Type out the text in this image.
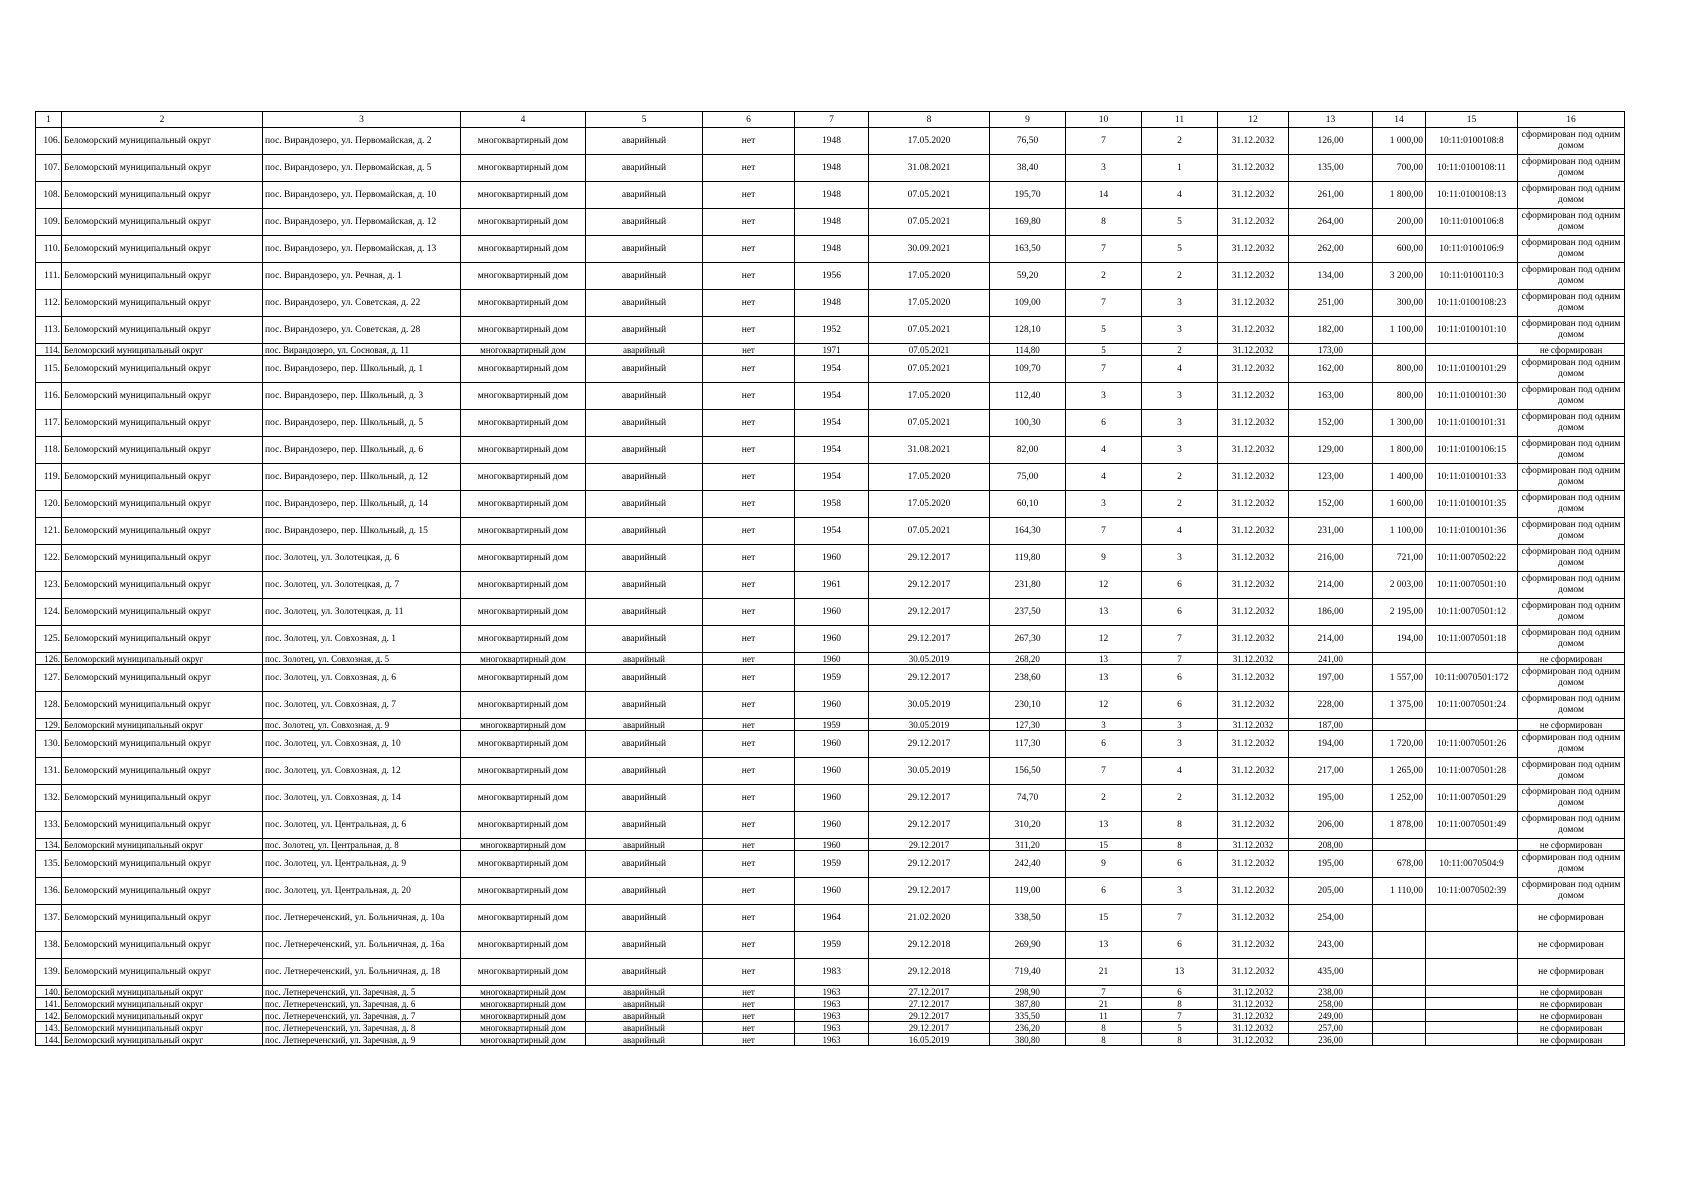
1	2	3	4	5	6	7	8	9	10	11	12	13	14	15	16
106.	Беломорский муниципальный округ	пос. Вирандозеро, ул. Первомайская, д. 2	многоквартирный дом	аварийный	нет	1948	17.05.2020	76,50	7	2	31.12.2032	126,00	1 000,00	10:11:0100108:8	сформирован под одним домом
107.	Беломорский муниципальный округ	пос. Вирандозеро, ул. Первомайская, д. 5	многоквартирный дом	аварийный	нет	1948	31.08.2021	38,40	3	1	31.12.2032	135,00	700,00	10:11:0100108:11	сформирован под одним домом
108.	Беломорский муниципальный округ	пос. Вирандозеро, ул. Первомайская, д. 10	многоквартирный дом	аварийный	нет	1948	07.05.2021	195,70	14	4	31.12.2032	261,00	1 800,00	10:11:0100108:13	сформирован под одним домом
109.	Беломорский муниципальный округ	пос. Вирандозеро, ул. Первомайская, д. 12	многоквартирный дом	аварийный	нет	1948	07.05.2021	169,80	8	5	31.12.2032	264,00	200,00	10:11:0100106:8	сформирован под одним домом
110.	Беломорский муниципальный округ	пос. Вирандозеро, ул. Первомайская, д. 13	многоквартирный дом	аварийный	нет	1948	30.09.2021	163,50	7	5	31.12.2032	262,00	600,00	10:11:0100106:9	сформирован под одним домом
111.	Беломорский муниципальный округ	пос. Вирандозеро, ул. Речная, д. 1	многоквартирный дом	аварийный	нет	1956	17.05.2020	59,20	2	2	31.12.2032	134,00	3 200,00	10:11:0100110:3	сформирован под одним домом
112.	Беломорский муниципальный округ	пос. Вирандозеро, ул. Советская, д. 22	многоквартирный дом	аварийный	нет	1948	17.05.2020	109,00	7	3	31.12.2032	251,00	300,00	10:11:0100108:23	сформирован под одним домом
113.	Беломорский муниципальный округ	пос. Вирандозеро, ул. Советская, д. 28	многоквартирный дом	аварийный	нет	1952	07.05.2021	128,10	5	3	31.12.2032	182,00	1 100,00	10:11:0100101:10	сформирован под одним домом
114.	Беломорский муниципальный округ	пос. Вирандозеро, ул. Сосновая, д. 11	многоквартирный дом	аварийный	нет	1971	07.05.2021	114,80	5	2	31.12.2032	173,00			не сформирован
115.	Беломорский муниципальный округ	пос. Вирандозеро, пер. Школьный, д. 1	многоквартирный дом	аварийный	нет	1954	07.05.2021	109,70	7	4	31.12.2032	162,00	800,00	10:11:0100101:29	сформирован под одним домом
116.	Беломорский муниципальный округ	пос. Вирандозеро, пер. Школьный, д. 3	многоквартирный дом	аварийный	нет	1954	17.05.2020	112,40	3	3	31.12.2032	163,00	800,00	10:11:0100101:30	сформирован под одним домом
117.	Беломорский муниципальный округ	пос. Вирандозеро, пер. Школьный, д. 5	многоквартирный дом	аварийный	нет	1954	07.05.2021	100,30	6	3	31.12.2032	152,00	1 300,00	10:11:0100101:31	сформирован под одним домом
118.	Беломорский муниципальный округ	пос. Вирандозеро, пер. Школьный, д. 6	многоквартирный дом	аварийный	нет	1954	31.08.2021	82,00	4	3	31.12.2032	129,00	1 800,00	10:11:0100106:15	сформирован под одним домом
119.	Беломорский муниципальный округ	пос. Вирандозеро, пер. Школьный, д. 12	многоквартирный дом	аварийный	нет	1954	17.05.2020	75,00	4	2	31.12.2032	123,00	1 400,00	10:11:0100101:33	сформирован под одним домом
120.	Беломорский муниципальный округ	пос. Вирандозеро, пер. Школьный, д. 14	многоквартирный дом	аварийный	нет	1958	17.05.2020	60,10	3	2	31.12.2032	152,00	1 600,00	10:11:0100101:35	сформирован под одним домом
121.	Беломорский муниципальный округ	пос. Вирандозеро, пер. Школьный, д. 15	многоквартирный дом	аварийный	нет	1954	07.05.2021	164,30	7	4	31.12.2032	231,00	1 100,00	10:11:0100101:36	сформирован под одним домом
122.	Беломорский муниципальный округ	пос. Золотец, ул. Золотецкая, д. 6	многоквартирный дом	аварийный	нет	1960	29.12.2017	119,80	9	3	31.12.2032	216,00	721,00	10:11:0070502:22	сформирован под одним домом
123.	Беломорский муниципальный округ	пос. Золотец, ул. Золотецкая, д. 7	многоквартирный дом	аварийный	нет	1961	29.12.2017	231,80	12	6	31.12.2032	214,00	2 003,00	10:11:0070501:10	сформирован под одним домом
124.	Беломорский муниципальный округ	пос. Золотец, ул. Золотецкая, д. 11	многоквартирный дом	аварийный	нет	1960	29.12.2017	237,50	13	6	31.12.2032	186,00	2 195,00	10:11:0070501:12	сформирован под одним домом
125.	Беломорский муниципальный округ	пос. Золотец, ул. Совхозная, д. 1	многоквартирный дом	аварийный	нет	1960	29.12.2017	267,30	12	7	31.12.2032	214,00	194,00	10:11:0070501:18	сформирован под одним домом
126.	Беломорский муниципальный округ	пос. Золотец, ул. Совхозная, д. 5	многоквартирный дом	аварийный	нет	1960	30.05.2019	268,20	13	7	31.12.2032	241,00			не сформирован
127.	Беломорский муниципальный округ	пос. Золотец, ул. Совхозная, д. 6	многоквартирный дом	аварийный	нет	1959	29.12.2017	238,60	13	6	31.12.2032	197,00	1 557,00	10:11:0070501:172	сформирован под одним домом
128.	Беломорский муниципальный округ	пос. Золотец, ул. Совхозная, д. 7	многоквартирный дом	аварийный	нет	1960	30.05.2019	230,10	12	6	31.12.2032	228,00	1 375,00	10:11:0070501:24	сформирован под одним домом
129.	Беломорский муниципальный округ	пос. Золотец, ул. Совхозная, д. 9	многоквартирный дом	аварийный	нет	1959	30.05.2019	127,30	3	3	31.12.2032	187,00			не сформирован
130.	Беломорский муниципальный округ	пос. Золотец, ул. Совхозная, д. 10	многоквартирный дом	аварийный	нет	1960	29.12.2017	117,30	6	3	31.12.2032	194,00	1 720,00	10:11:0070501:26	сформирован под одним домом
131.	Беломорский муниципальный округ	пос. Золотец, ул. Совхозная, д. 12	многоквартирный дом	аварийный	нет	1960	30.05.2019	156,50	7	4	31.12.2032	217,00	1 265,00	10:11:0070501:28	сформирован под одним домом
132.	Беломорский муниципальный округ	пос. Золотец, ул. Совхозная, д. 14	многоквартирный дом	аварийный	нет	1960	29.12.2017	74,70	2	2	31.12.2032	195,00	1 252,00	10:11:0070501:29	сформирован под одним домом
133.	Беломорский муниципальный округ	пос. Золотец, ул. Центральная, д. 6	многоквартирный дом	аварийный	нет	1960	29.12.2017	310,20	13	8	31.12.2032	206,00	1 878,00	10:11:0070501:49	сформирован под одним домом
134.	Беломорский муниципальный округ	пос. Золотец, ул. Центральная, д. 8	многоквартирный дом	аварийный	нет	1960	29.12.2017	311,20	15	8	31.12.2032	208,00			не сформирован
135.	Беломорский муниципальный округ	пос. Золотец, ул. Центральная, д. 9	многоквартирный дом	аварийный	нет	1959	29.12.2017	242,40	9	6	31.12.2032	195,00	678,00	10:11:0070504:9	сформирован под одним домом
136.	Беломорский муниципальный округ	пос. Золотец, ул. Центральная, д. 20	многоквартирный дом	аварийный	нет	1960	29.12.2017	119,00	6	3	31.12.2032	205,00	1 110,00	10:11:0070502:39	сформирован под одним домом
137.	Беломорский муниципальный округ	пос. Летнереченский, ул. Больничная, д. 10а	многоквартирный дом	аварийный	нет	1964	21.02.2020	338,50	15	7	31.12.2032	254,00			не сформирован
138.	Беломорский муниципальный округ	пос. Летнереченский, ул. Больничная, д. 16а	многоквартирный дом	аварийный	нет	1959	29.12.2018	269,90	13	6	31.12.2032	243,00			не сформирован
139.	Беломорский муниципальный округ	пос. Летнереченский, ул. Больничная, д. 18	многоквартирный дом	аварийный	нет	1983	29.12.2018	719,40	21	13	31.12.2032	435,00			не сформирован
140.	Беломорский муниципальный округ	пос. Летнереченский, ул. Заречная, д. 5	многоквартирный дом	аварийный	нет	1963	27.12.2017	298,90	7	6	31.12.2032	238,00			не сформирован
141.	Беломорский муниципальный округ	пос. Летнереченский, ул. Заречная, д. 6	многоквартирный дом	аварийный	нет	1963	27.12.2017	387,80	21	8	31.12.2032	258,00			не сформирован
142.	Беломорский муниципальный округ	пос. Летнереченский, ул. Заречная, д. 7	многоквартирный дом	аварийный	нет	1963	29.12.2017	335,50	11	7	31.12.2032	249,00			не сформирован
143.	Беломорский муниципальный округ	пос. Летнереченский, ул. Заречная, д. 8	многоквартирный дом	аварийный	нет	1963	29.12.2017	236,20	8	5	31.12.2032	257,00			не сформирован
144.	Беломорский муниципальный округ	пос. Летнереченский, ул. Заречная, д. 9	многоквартирный дом	аварийный	нет	1963	16.05.2019	380,80	8	8	31.12.2032	236,00			не сформирован
